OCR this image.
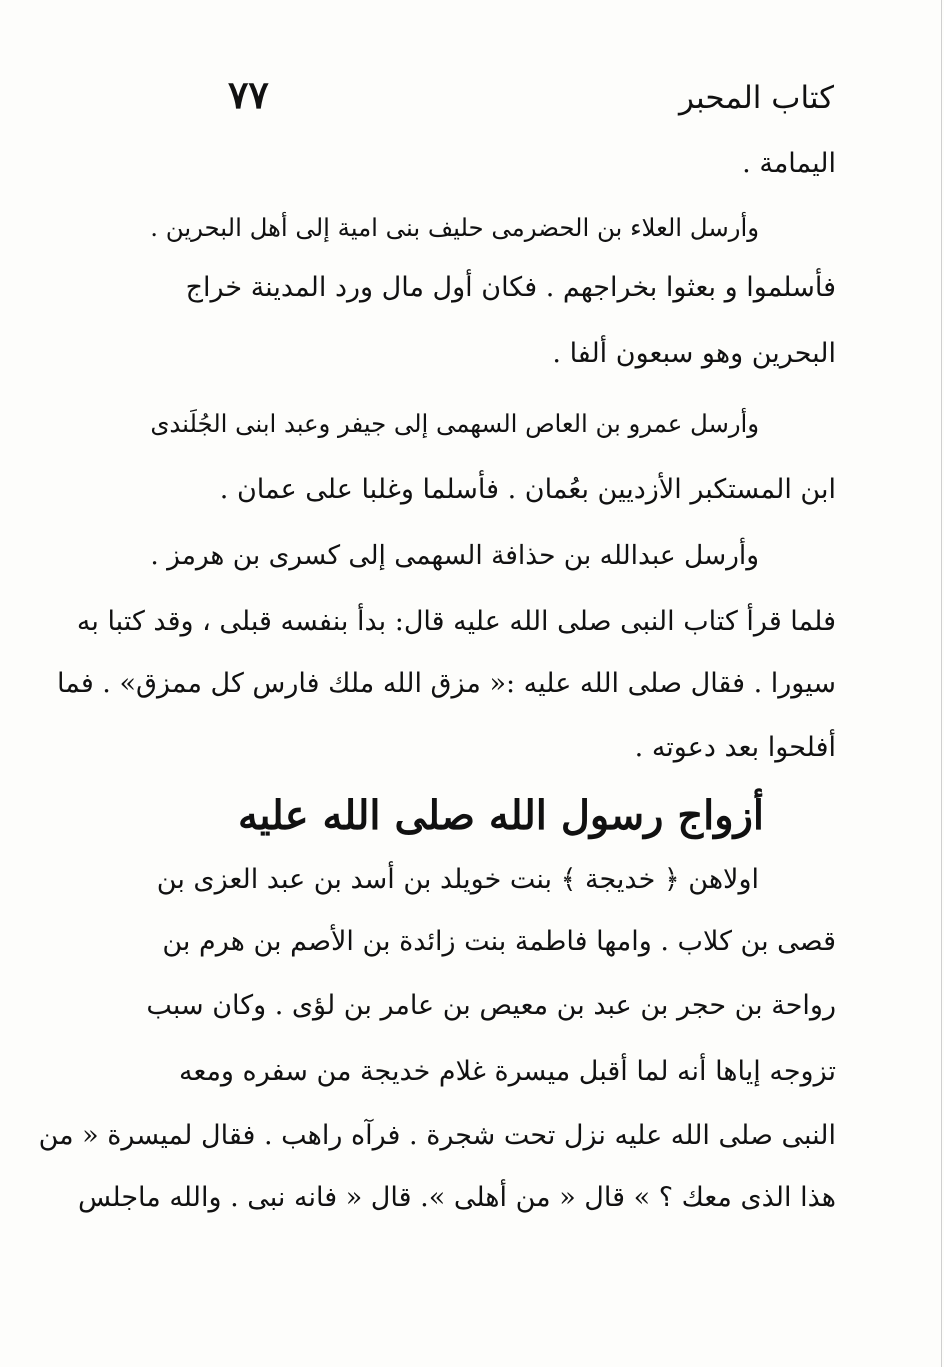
كتاب المحبر
٧٧
اليمامة .
وأرسل العلاء بن الحضرمى حليف بنى امية إلى أهل البحرين .
فأسلموا و بعثوا بخراجهم . فكان أول مال ورد المدينة خراج
البحرين وهو سبعون ألفا .
وأرسل عمرو بن العاص السهمى إلى جيفر وعبد ابنى الجُلَندى
ابن المستكبر الأزديين بعُمان . فأسلما وغلبا على عمان .
وأرسل عبدالله بن حذافة السهمى إلى كسرى بن هرمز .
فلما قرأ كتاب النبى صلى الله عليه قال: بدأ بنفسه قبلى ، وقد كتبا به
سيورا . فقال صلى الله عليه :« مزق الله ملك فارس كل ممزق» . فما
أفلحوا بعد دعوته .
أزواج رسول الله صلى الله عليه
اولاهن ﴿ خديجة ﴾ بنت خويلد بن أسد بن عبد العزى بن
قصى بن كلاب . وامها فاطمة بنت زائدة بن الأصم بن هرم بن
رواحة بن حجر بن عبد بن معيص بن عامر بن لؤى . وكان سبب
تزوجه إياها أنه لما أقبل ميسرة غلام خديجة من سفره ومعه
النبى صلى الله عليه نزل تحت شجرة . فرآه راهب . فقال لميسرة « من
هذا الذى معك ؟ » قال « من أهلى ». قال « فانه نبى . والله ماجلس
